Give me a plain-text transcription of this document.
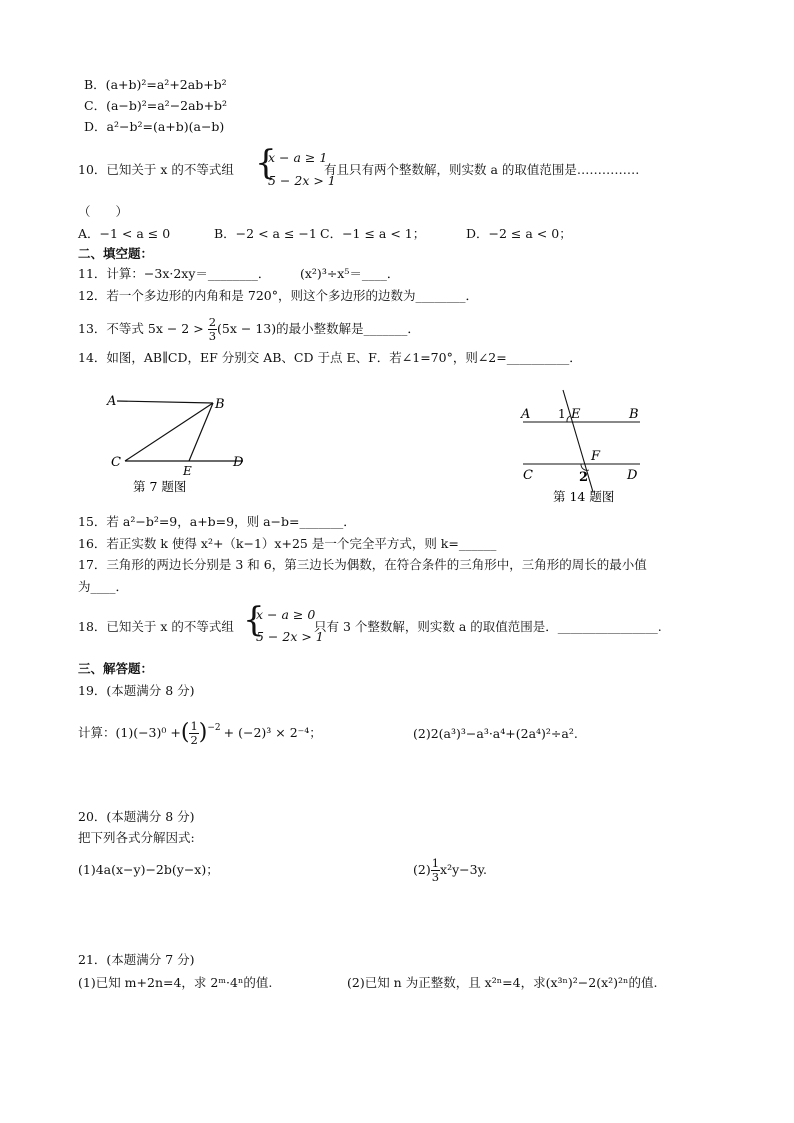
B．(a+b)²=a²+2ab+b²
C．(a−b)²=a²−2ab+b²
D．a²−b²=(a+b)(a−b)
10．已知关于 x 的不等式组 {
x − a ≥ 1
5 − 2x > 1
有且只有两个整数解，则实数 a 的取值范围是……………
（　　）
A．−1 < a ≤ 0	B．−2 < a ≤ −1 C．−1 ≤ a < 1；	D．−2 ≤ a < 0；
二、填空题：
11．计算：−3x·2xy＝________． (x²)³÷x⁵＝____．
12．若一个多边形的内角和是 720°，则这个多边形的边数为________．
13．不等式 $5x - 2 > \frac{2}{3} (5x - 13)$的最小整数解是_______．
14．如图，AB∥CD，EF 分别交 AB、CD 于点 E、F．若∠1=70°，则∠2=__________．
A	B
C
E
D
第 7 题图
A 1 E	B
F
C	2	D
第 14 题图
15．若 a²−b²=9，a+b=9，则 a−b=_______．
16．若正实数 k 使得 x²+（k−1）x+25 是一个完全平方式，则 k=______
17．三角形的两边长分别是 3 和 6，第三边长为偶数，在符合条件的三角形中，三角形的周长的最小值
为____．
18．已知关于 x 的不等式组 {
x − a ≥ 0
5 − 2x > 1
只有 3 个整数解，则实数 a 的取值范围是．________________.
三、解答题：
19．(本题满分 8 分)
计算：(1)(−3)⁰ + ( $\frac{1}{2} )^{-2} + (-2)^3 \times 2^{-4}$；	(2)2(a³)³−a³·a⁴+(2a⁴)²÷a².
20．(本题满分 8 分)
把下列各式分解因式:
(1)4a(x−y)−2b(y−x)；	$(2) \frac{1}{3} x^2y-3y$.
21．(本题满分 7 分)
(1)已知 m+2n=4，求 2ᵐ·4ⁿ的值.	(2)已知 n 为正整数，且 x²ⁿ=4，求(x³ⁿ)²−2(x²)²ⁿ的值.
